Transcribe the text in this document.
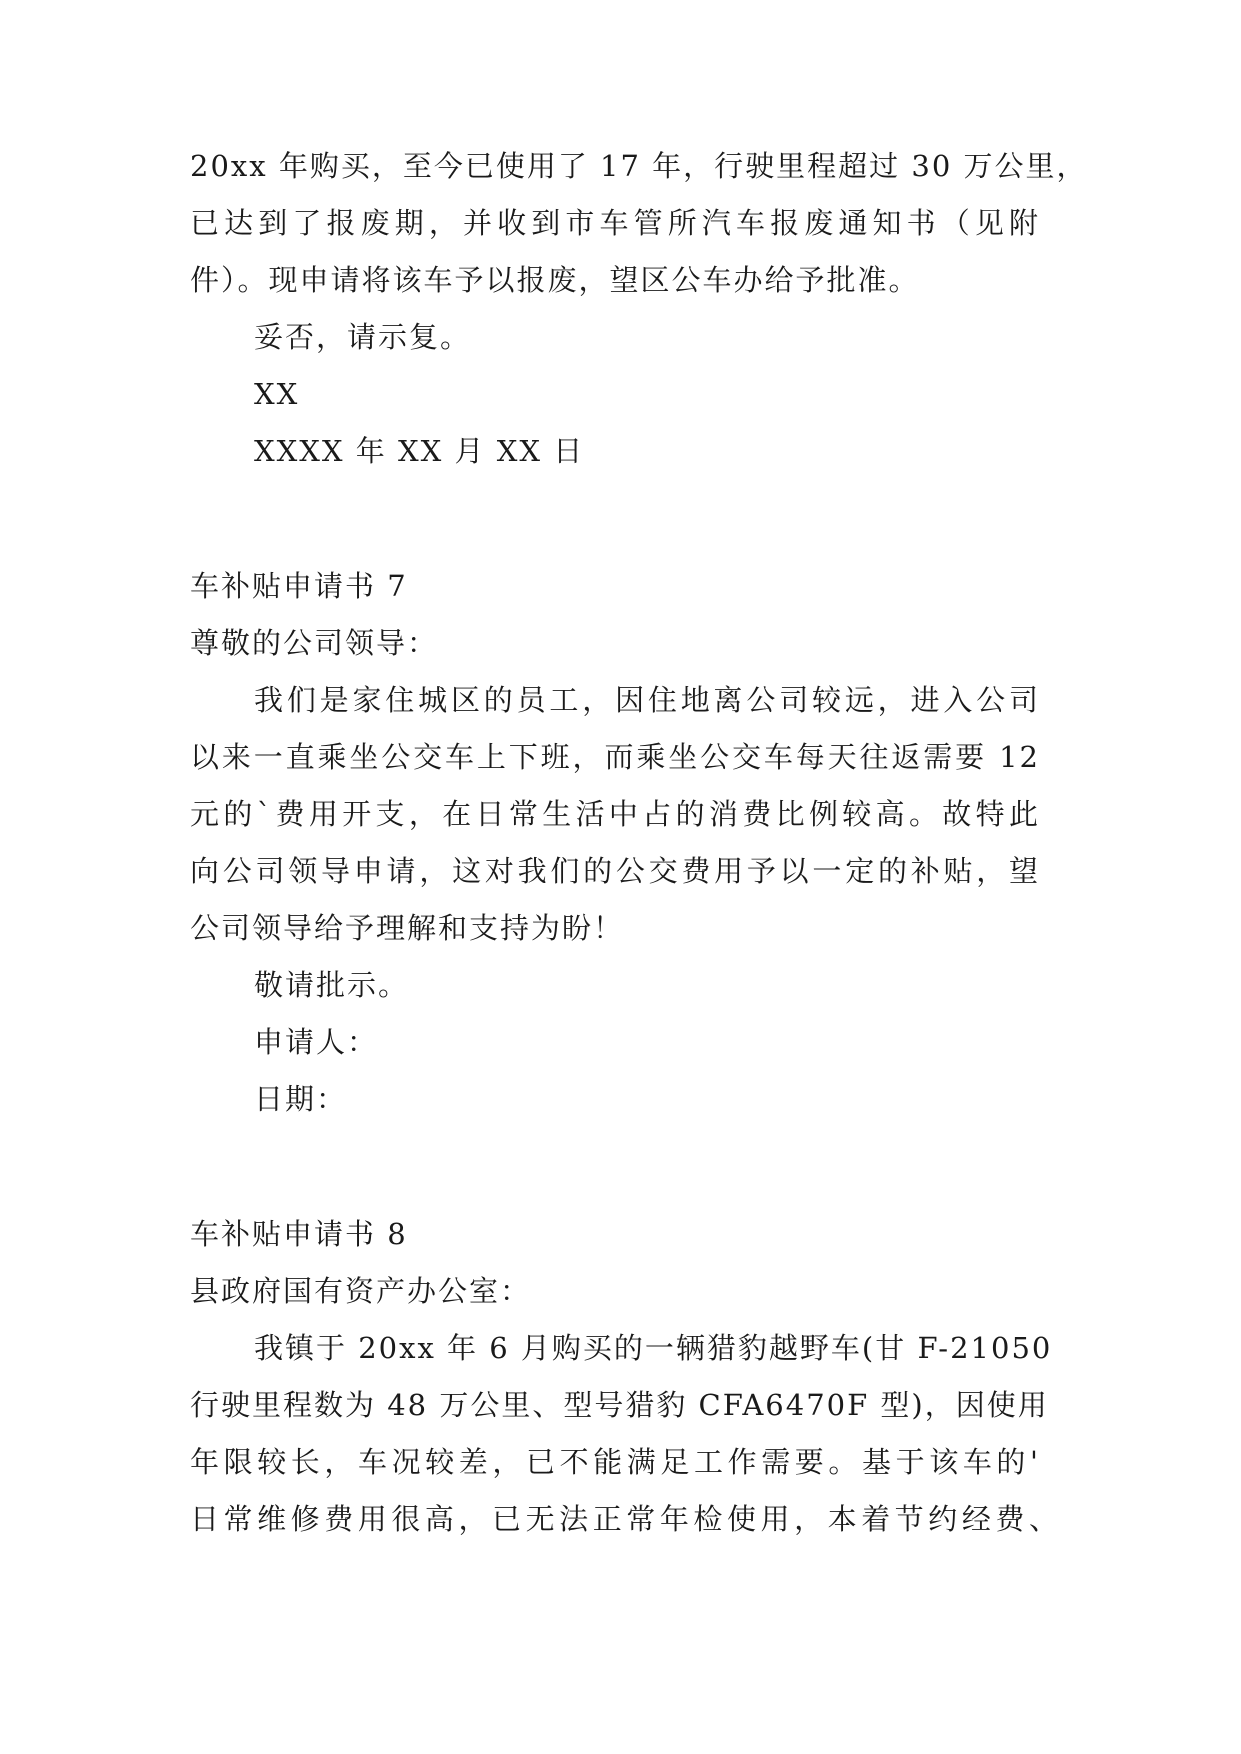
20xx 年购买，至今已使用了 17 年，行驶里程超过 30 万公里，
已达到了报废期，并收到市车管所汽车报废通知书（见附
件）。现申请将该车予以报废，望区公车办给予批准。
妥否，请示复。
XX
XXXX 年 XX 月 XX 日
车补贴申请书 7
尊敬的公司领导：
我们是家住城区的员工，因住地离公司较远，进入公司
以来一直乘坐公交车上下班，而乘坐公交车每天往返需要 12
元的`费用开支，在日常生活中占的消费比例较高。故特此
向公司领导申请，这对我们的公交费用予以一定的补贴，望
公司领导给予理解和支持为盼！
敬请批示。
申请人：
日期：
车补贴申请书 8
县政府国有资产办公室：
我镇于 20xx 年 6 月购买的一辆猎豹越野车(甘 F-21050
行驶里程数为 48 万公里、型号猎豹 CFA6470F 型)，因使用
年限较长，车况较差，已不能满足工作需要。基于该车的'
日常维修费用很高，已无法正常年检使用，本着节约经费、
